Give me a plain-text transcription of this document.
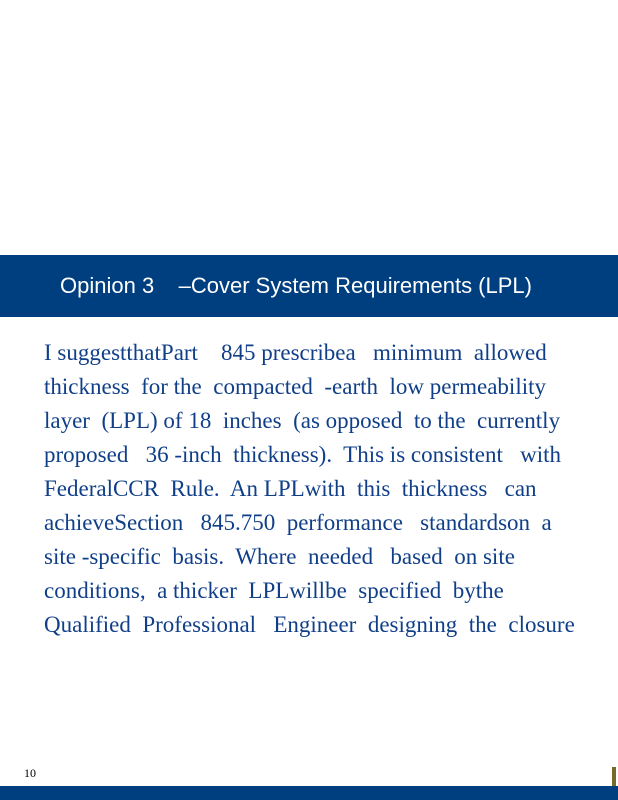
Opinion 3    –Cover System Requirements (LPL)
I suggestthatPart    845 prescribea   minimum  allowed
thickness  for the  compacted  -earth  low permeability
layer  (LPL) of 18  inches  (as opposed  to the  currently
proposed   36 -inch  thickness).  This is consistent   with
FederalCCR  Rule.  An LPLwith  this  thickness   can
achieveSection   845.750  performance   standardson  a
site -specific  basis.  Where  needed   based  on site
conditions,  a thicker  LPLwillbe  specified  bythe
Qualified  Professional   Engineer  designing  the  closure
10
